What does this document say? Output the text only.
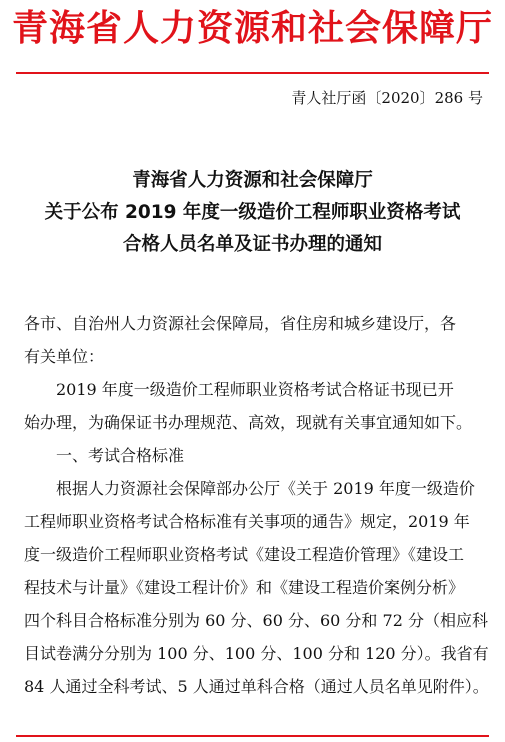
青海省人力资源和社会保障厅
青人社厅函〔2020〕286 号
青海省人力资源和社会保障厅
关于公布 2019 年度一级造价工程师职业资格考试
合格人员名单及证书办理的通知
各市、自治州人力资源社会保障局，省住房和城乡建设厅，各
有关单位：
2019 年度一级造价工程师职业资格考试合格证书现已开
始办理，为确保证书办理规范、高效，现就有关事宜通知如下。
一、考试合格标准
根据人力资源社会保障部办公厅《关于 2019 年度一级造价
工程师职业资格考试合格标准有关事项的通告》规定，2019 年
度一级造价工程师职业资格考试《建设工程造价管理》《建设工
程技术与计量》《建设工程计价》和《建设工程造价案例分析》
四个科目合格标准分别为 60 分、60 分、60 分和 72 分（相应科
目试卷满分分别为 100 分、100 分、100 分和 120 分）。我省有
84 人通过全科考试、5 人通过单科合格（通过人员名单见附件）。
